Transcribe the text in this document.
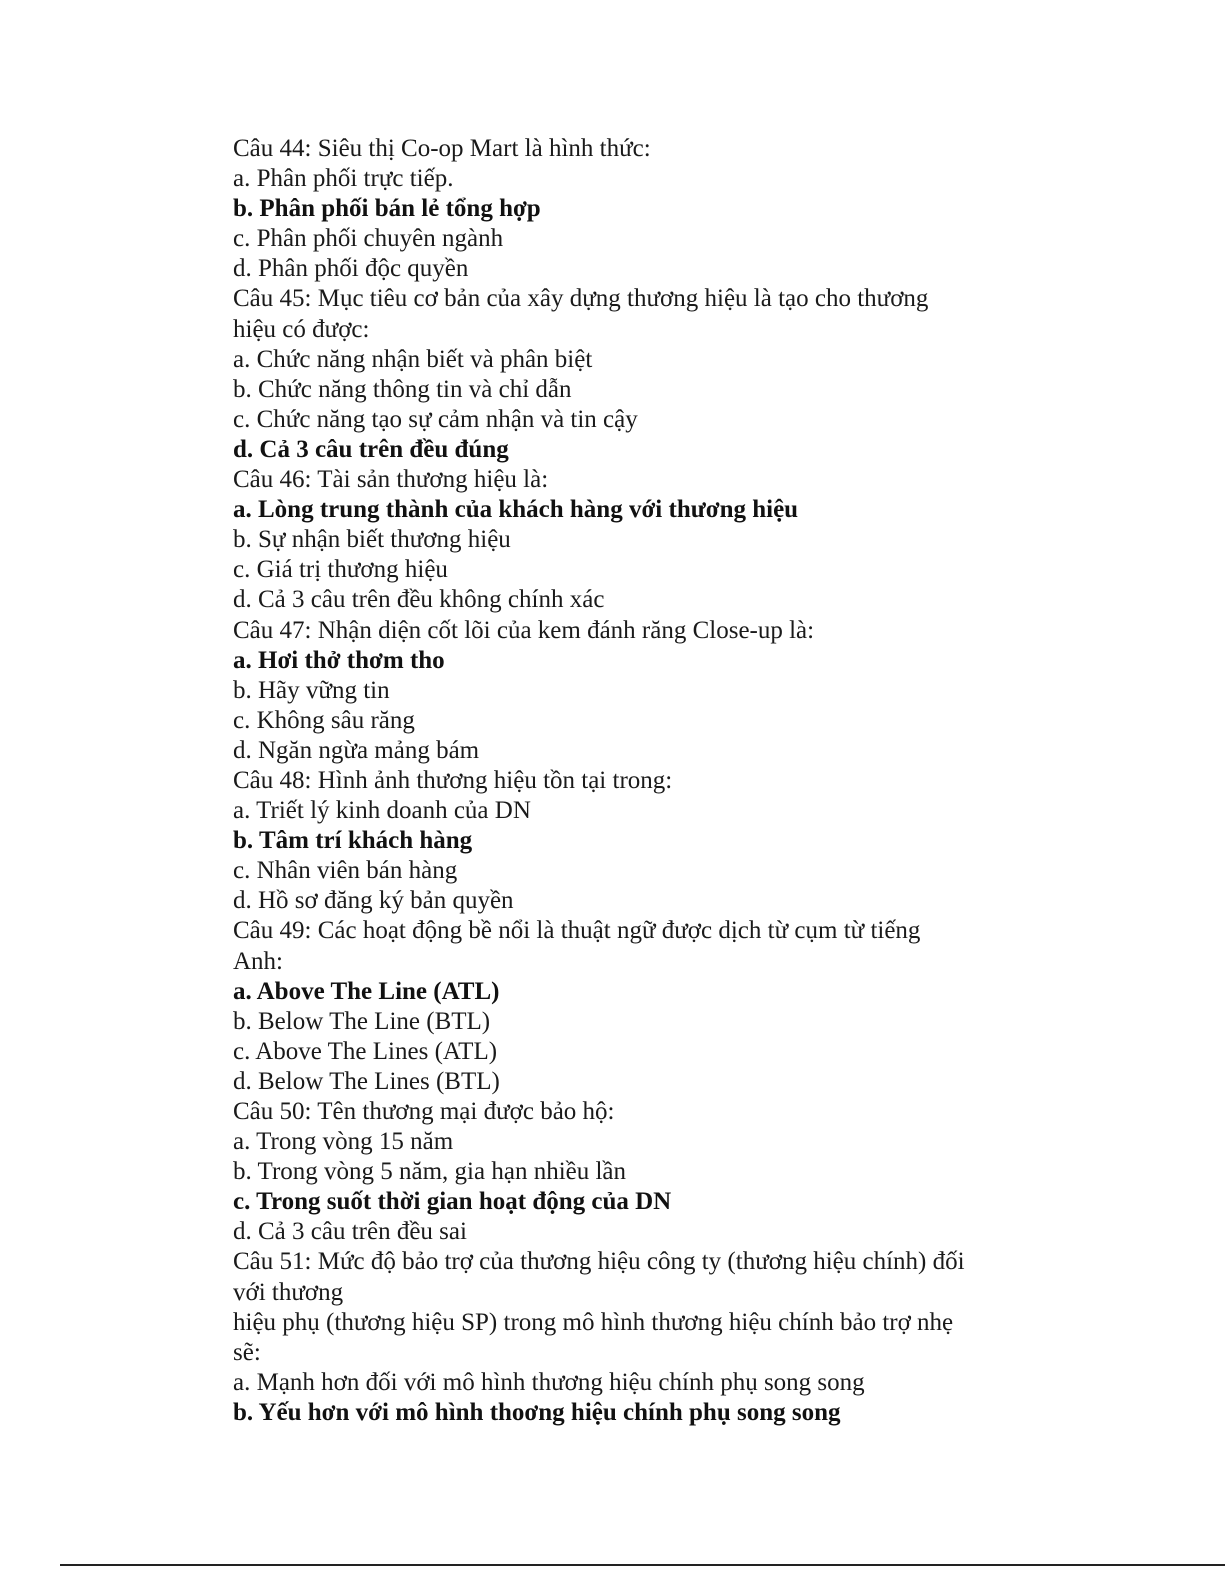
Câu 44: Siêu thị Co-op Mart là hình thức:
a. Phân phối trực tiếp.
b. Phân phối bán lẻ tổng hợp
c. Phân phối chuyên ngành
d. Phân phối độc quyền
Câu 45: Mục tiêu cơ bản của xây dựng thương hiệu là tạo cho thương
hiệu có được:
a. Chức năng nhận biết và phân biệt
b. Chức năng thông tin và chỉ dẫn
c. Chức năng tạo sự cảm nhận và tin cậy
d. Cả 3 câu trên đều đúng
Câu 46: Tài sản thương hiệu là:
a. Lòng trung thành của khách hàng với thương hiệu
b. Sự nhận biết thương hiệu
c. Giá trị thương hiệu
d. Cả 3 câu trên đều không chính xác
Câu 47: Nhận diện cốt lõi của kem đánh răng Close-up là:
a. Hơi thở thơm tho
b. Hãy vững tin
c. Không sâu răng
d. Ngăn ngừa mảng bám
Câu 48: Hình ảnh thương hiệu tồn tại trong:
a. Triết lý kinh doanh của DN
b. Tâm trí khách hàng
c. Nhân viên bán hàng
d. Hồ sơ đăng ký bản quyền
Câu 49: Các hoạt động bề nổi là thuật ngữ được dịch từ cụm từ tiếng
Anh:
a. Above The Line (ATL)
b. Below The Line (BTL)
c. Above The Lines (ATL)
d. Below The Lines (BTL)
Câu 50: Tên thương mại được bảo hộ:
a. Trong vòng 15 năm
b. Trong vòng 5 năm, gia hạn nhiều lần
c. Trong suốt thời gian hoạt động của DN
d. Cả 3 câu trên đều sai
Câu 51: Mức độ bảo trợ của thương hiệu công ty (thương hiệu chính) đối
với thương
hiệu phụ (thương hiệu SP) trong mô hình thương hiệu chính bảo trợ nhẹ
sẽ:
a. Mạnh hơn đối với mô hình thương hiệu chính phụ song song
b. Yếu hơn với mô hình thoơng hiệu chính phụ song song
